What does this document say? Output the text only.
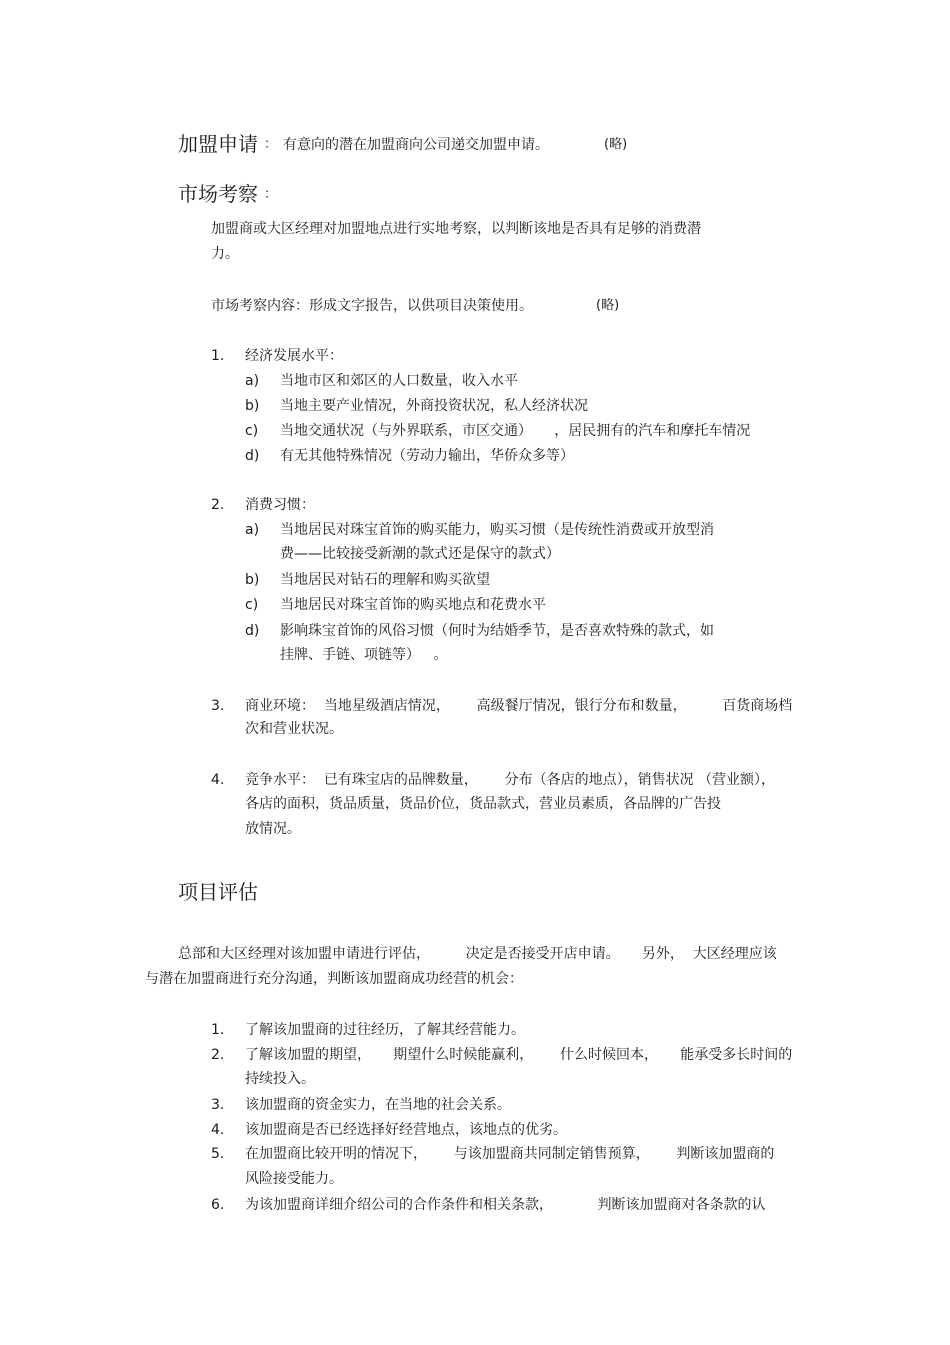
加盟申请 ： 有意向的潜在加盟商向公司递交加盟申请。	(略)
市场考察 ：
加盟商或大区经理对加盟地点进行实地考察，以判断该地是否具有足够的消费潜
力。
市场考察内容：形成文字报告，以供项目决策使用。	(略)
1. 经济发展水平：
a) 当地市区和郊区的人口数量，收入水平
b) 当地主要产业情况，外商投资状况，私人经济状况
c) 当地交通状况（与外界联系，市区交通）     ，居民拥有的汽车和摩托车情况
d) 有无其他特殊情况（劳动力输出，华侨众多等）
2. 消费习惯：
a) 当地居民对珠宝首饰的购买能力，购买习惯（是传统性消费或开放型消
费——比较接受新潮的款式还是保守的款式）
b) 当地居民对钻石的理解和购买欲望
c) 当地居民对珠宝首饰的购买地点和花费水平
d) 影响珠宝首饰的风俗习惯（何时为结婚季节，是否喜欢特殊的款式，如
挂牌、手链、项链等）   。
3. 商业环境：  当地星级酒店情况，      高级餐厅情况，银行分布和数量，        百货商场档
次和营业状况。
4. 竞争水平：  已有珠宝店的品牌数量，      分布（各店的地点），销售状况 （营业额），
各店的面积，货品质量，货品价位，货品款式，营业员素质，各品牌的广告投
放情况。
项目评估
总部和大区经理对该加盟申请进行评估，        决定是否接受开店申请。     另外，  大区经理应该
与潜在加盟商进行充分沟通，判断该加盟商成功经营的机会：
1. 了解该加盟商的过往经历，了解其经营能力。
2. 了解该加盟的期望，     期望什么时候能赢利，      什么时候回本，     能承受多长时间的
持续投入。
3. 该加盟商的资金实力，在当地的社会关系。
4. 该加盟商是否已经选择好经营地点，该地点的优劣。
5. 在加盟商比较开明的情况下，      与该加盟商共同制定销售预算，      判断该加盟商的
风险接受能力。
6. 为该加盟商详细介绍公司的合作条件和相关条款，          判断该加盟商对各条款的认
